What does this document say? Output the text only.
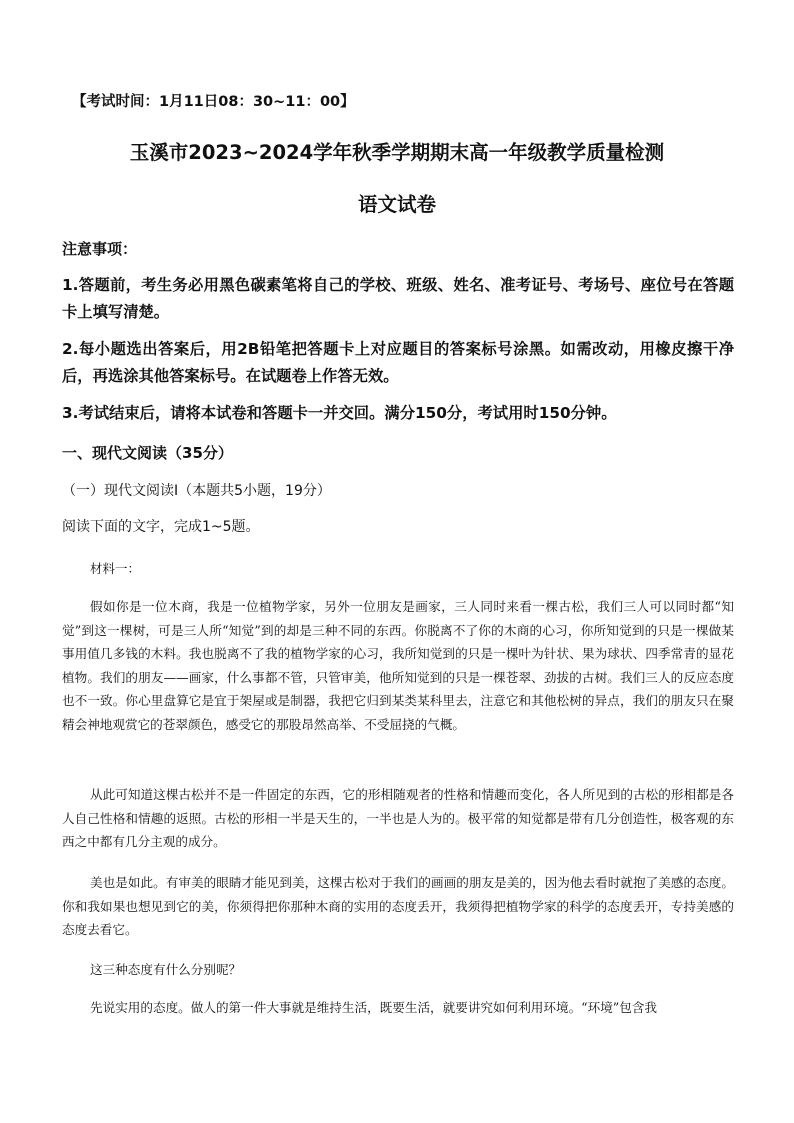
【考试时间：1月11日08：30~11：00】
玉溪市2023~2024学年秋季学期期末高一年级教学质量检测
语文试卷
注意事项：
1.答题前，考生务必用黑色碳素笔将自己的学校、班级、姓名、准考证号、考场号、座位号在答题卡上填写清楚。
2.每小题选出答案后，用2B铅笔把答题卡上对应题目的答案标号涂黑。如需改动，用橡皮擦干净后，再选涂其他答案标号。在试题卷上作答无效。
3.考试结束后，请将本试卷和答题卡一并交回。满分150分，考试用时150分钟。
一、现代文阅读（35分）
（一）现代文阅读Ⅰ（本题共5小题，19分）
阅读下面的文字，完成1~5题。
材料一：
假如你是一位木商，我是一位植物学家，另外一位朋友是画家，三人同时来看一棵古松，我们三人可以同时都“知觉”到这一棵树，可是三人所“知觉”到的却是三种不同的东西。你脱离不了你的木商的心习，你所知觉到的只是一棵做某事用值几多钱的木料。我也脱离不了我的植物学家的心习，我所知觉到的只是一棵叶为针状、果为球状、四季常青的显花植物。我们的朋友——画家，什么事都不管，只管审美，他所知觉到的只是一棵苍翠、劲拔的古树。我们三人的反应态度也不一致。你心里盘算它是宜于架屋或是制器，我把它归到某类某科里去，注意它和其他松树的异点，我们的朋友只在聚精会神地观赏它的苍翠颜色，感受它的那股昂然高举、不受屈挠的气概。
从此可知道这棵古松并不是一件固定的东西，它的形相随观者的性格和情趣而变化，各人所见到的古松的形相都是各人自己性格和情趣的返照。古松的形相一半是天生的，一半也是人为的。极平常的知觉都是带有几分创造性，极客观的东西之中都有几分主观的成分。
美也是如此。有审美的眼睛才能见到美，这棵古松对于我们的画画的朋友是美的，因为他去看时就抱了美感的态度。你和我如果也想见到它的美，你须得把你那种木商的实用的态度丢开，我须得把植物学家的科学的态度丢开，专持美感的态度去看它。
这三种态度有什么分别呢？
先说实用的态度。做人的第一件大事就是维持生活，既要生活，就要讲究如何利用环境。“环境”包含我
